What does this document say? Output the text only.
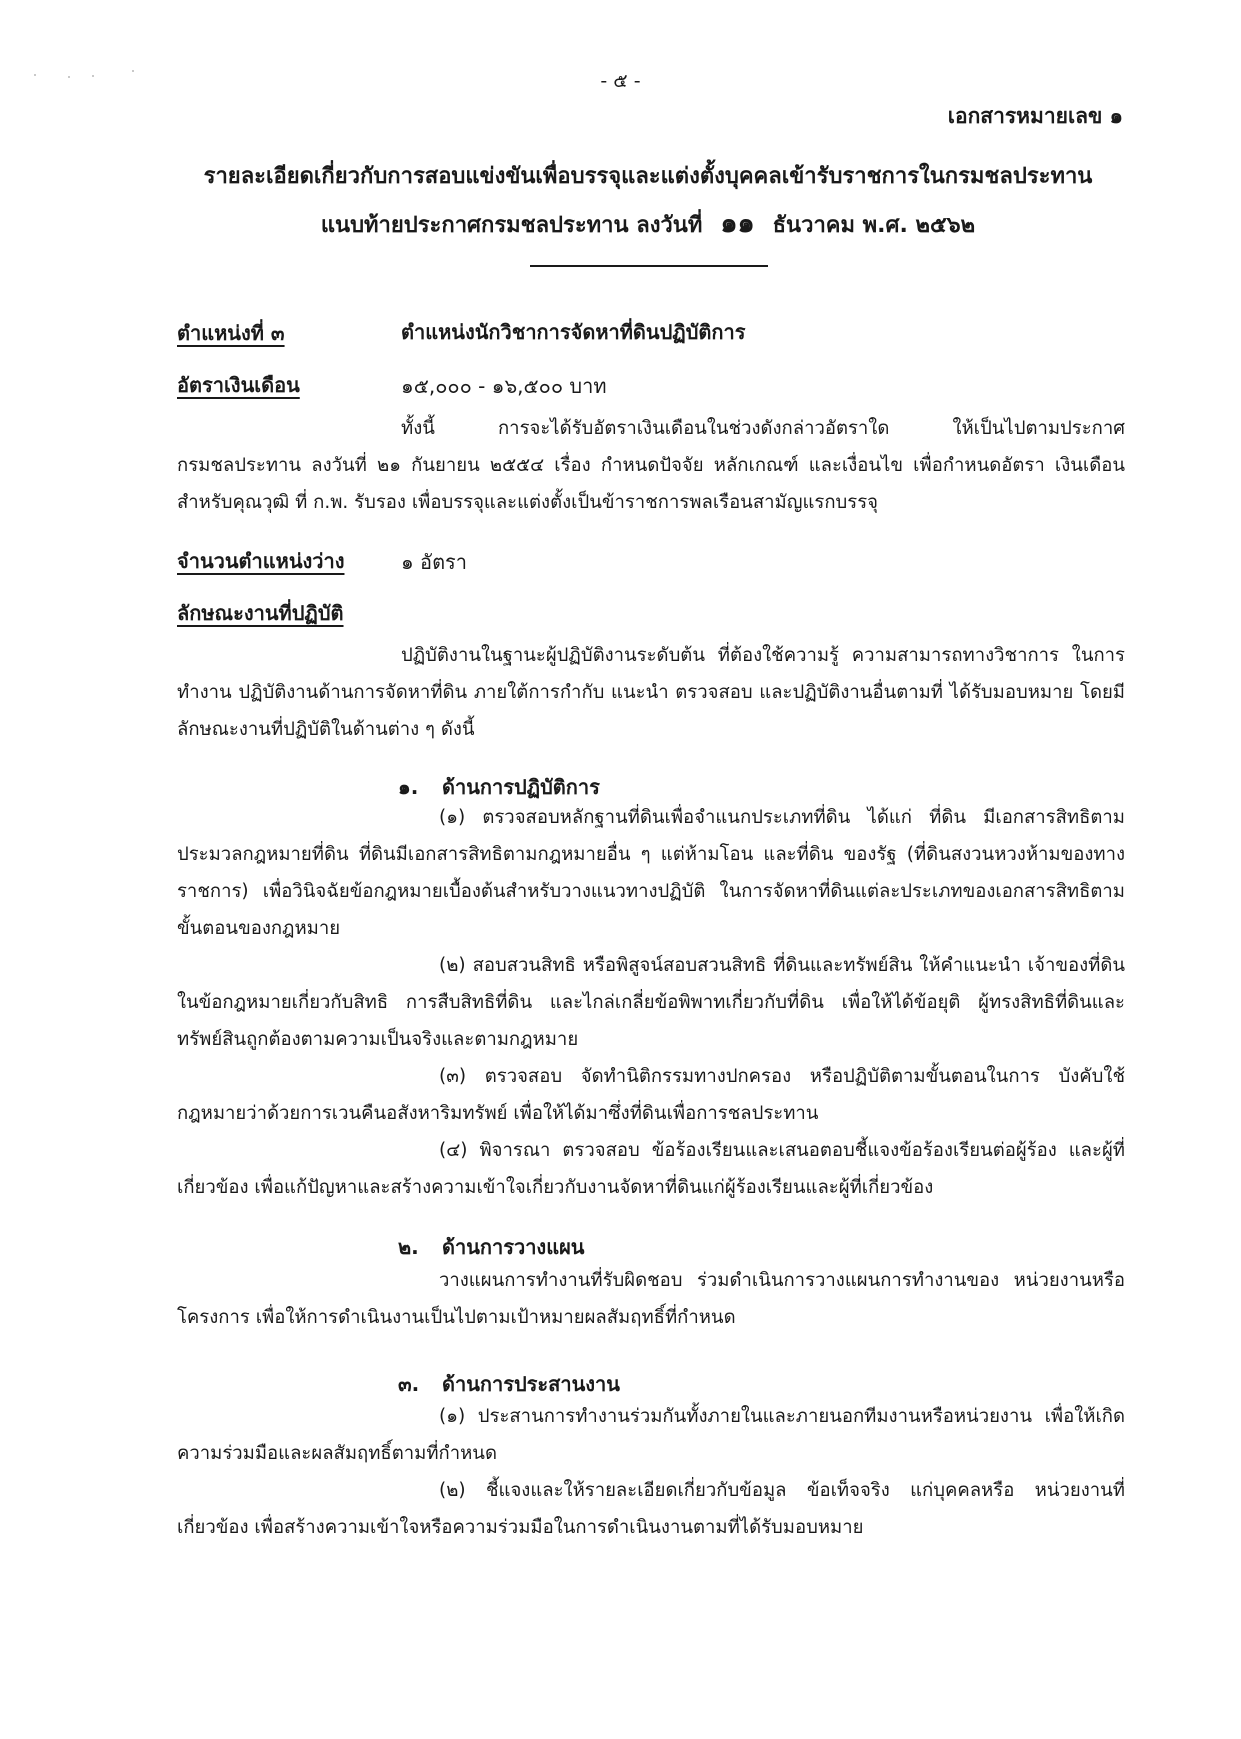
- ๕ -
เอกสารหมายเลข ๑
รายละเอียดเกี่ยวกับการสอบแข่งขันเพื่อบรรจุและแต่งตั้งบุคคลเข้ารับราชการในกรมชลประทาน
แนบท้ายประกาศกรมชลประทาน ลงวันที่ ๑๑ ธันวาคม พ.ศ. ๒๕๖๒
ตำแหน่งที่ ๓	ตำแหน่งนักวิชาการจัดหาที่ดินปฏิบัติการ
อัตราเงินเดือน	๑๕,๐๐๐ - ๑๖,๕๐๐ บาท
ทั้งนี้ การจะได้รับอัตราเงินเดือนในช่วงดังกล่าวอัตราใด ให้เป็นไปตามประกาศ กรมชลประทาน ลงวันที่ ๒๑ กันยายน ๒๕๕๔ เรื่อง กำหนดปัจจัย หลักเกณฑ์ และเงื่อนไข เพื่อกำหนดอัตรา เงินเดือนสำหรับคุณวุฒิ ที่ ก.พ. รับรอง เพื่อบรรจุและแต่งตั้งเป็นข้าราชการพลเรือนสามัญแรกบรรจุ
จำนวนตำแหน่งว่าง	๑ อัตรา
ลักษณะงานที่ปฏิบัติ
ปฏิบัติงานในฐานะผู้ปฏิบัติงานระดับต้น ที่ต้องใช้ความรู้ ความสามารถทางวิชาการ ในการทำงาน ปฏิบัติงานด้านการจัดหาที่ดิน ภายใต้การกำกับ แนะนำ ตรวจสอบ และปฏิบัติงานอื่นตามที่ ได้รับมอบหมาย โดยมีลักษณะงานที่ปฏิบัติในด้านต่าง ๆ ดังนี้
๑. ด้านการปฏิบัติการ
(๑) ตรวจสอบหลักฐานที่ดินเพื่อจำแนกประเภทที่ดิน ได้แก่ ที่ดิน มีเอกสารสิทธิตามประมวลกฎหมายที่ดิน ที่ดินมีเอกสารสิทธิตามกฎหมายอื่น ๆ แต่ห้ามโอน และที่ดิน ของรัฐ (ที่ดินสงวนหวงห้ามของทางราชการ) เพื่อวินิจฉัยข้อกฎหมายเบื้องต้นสำหรับวางแนวทางปฏิบัติ ในการจัดหาที่ดินแต่ละประเภทของเอกสารสิทธิตามขั้นตอนของกฎหมาย
(๒) สอบสวนสิทธิ หรือพิสูจน์สอบสวนสิทธิ ที่ดินและทรัพย์สิน ให้คำแนะนำ เจ้าของที่ดินในข้อกฎหมายเกี่ยวกับสิทธิ การสืบสิทธิที่ดิน และไกล่เกลี่ยข้อพิพาทเกี่ยวกับที่ดิน เพื่อให้ได้ข้อยุติ ผู้ทรงสิทธิที่ดินและทรัพย์สินถูกต้องตามความเป็นจริงและตามกฎหมาย
(๓) ตรวจสอบ จัดทำนิติกรรมทางปกครอง หรือปฏิบัติตามขั้นตอนในการ บังคับใช้กฎหมายว่าด้วยการเวนคืนอสังหาริมทรัพย์ เพื่อให้ได้มาซึ่งที่ดินเพื่อการชลประทาน
(๔) พิจารณา ตรวจสอบ ข้อร้องเรียนและเสนอตอบชี้แจงข้อร้องเรียนต่อผู้ร้อง และผู้ที่เกี่ยวข้อง เพื่อแก้ปัญหาและสร้างความเข้าใจเกี่ยวกับงานจัดหาที่ดินแก่ผู้ร้องเรียนและผู้ที่เกี่ยวข้อง
๒. ด้านการวางแผน
วางแผนการทำงานที่รับผิดชอบ ร่วมดำเนินการวางแผนการทำงานของ หน่วยงานหรือโครงการ เพื่อให้การดำเนินงานเป็นไปตามเป้าหมายผลสัมฤทธิ์ที่กำหนด
๓. ด้านการประสานงาน
(๑) ประสานการทำงานร่วมกันทั้งภายในและภายนอกทีมงานหรือหน่วยงาน เพื่อให้เกิดความร่วมมือและผลสัมฤทธิ์ตามที่กำหนด
(๒) ชี้แจงและให้รายละเอียดเกี่ยวกับข้อมูล ข้อเท็จจริง แก่บุคคลหรือ หน่วยงานที่เกี่ยวข้อง เพื่อสร้างความเข้าใจหรือความร่วมมือในการดำเนินงานตามที่ได้รับมอบหมาย
